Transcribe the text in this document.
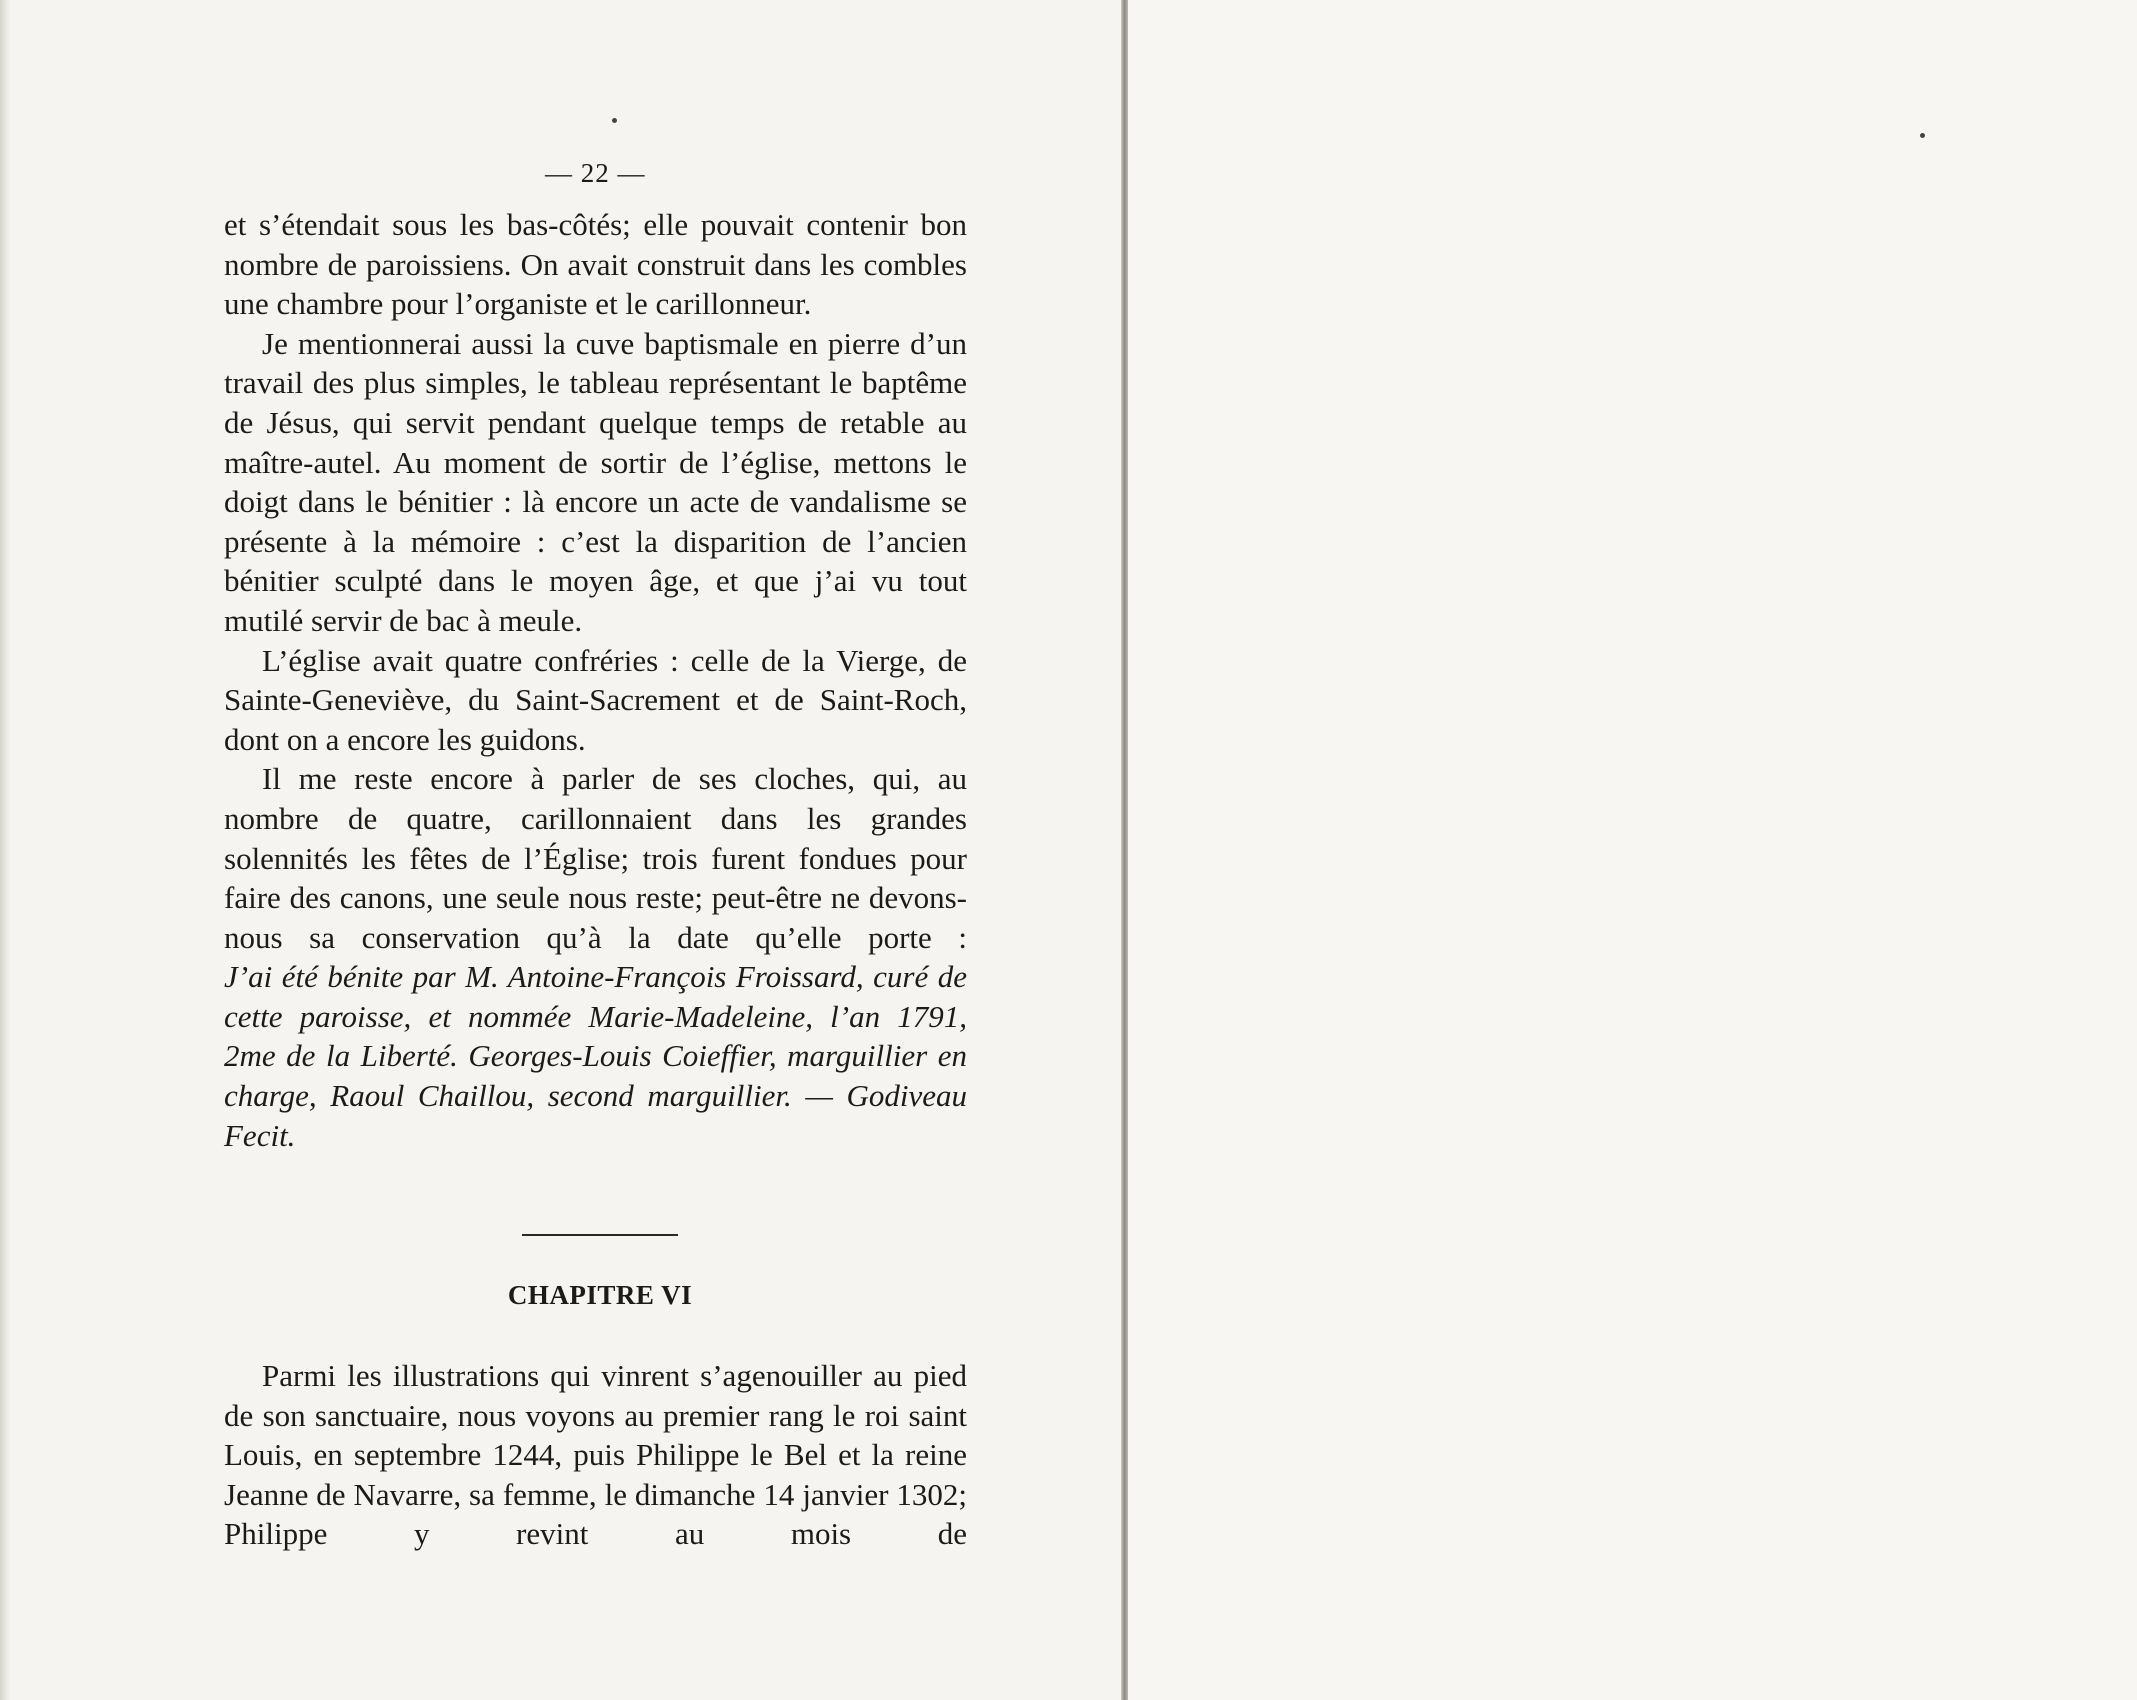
— 22 —

et s’étendait sous les bas-côtés; elle pouvait contenir bon nombre de paroissiens. On avait construit dans les combles une chambre pour l’organiste et le carillonneur.

Je mentionnerai aussi la cuve baptismale en pierre d’un travail des plus simples, le tableau représentant le baptême de Jésus, qui servit pendant quelque temps de retable au maître-autel. Au moment de sortir de l’église, mettons le doigt dans le bénitier : là encore un acte de vandalisme se présente à la mémoire : c’est la disparition de l’ancien bénitier sculpté dans le moyen âge, et que j’ai vu tout mutilé servir de bac à meule.

L’église avait quatre confréries : celle de la Vierge, de Sainte-Geneviève, du Saint-Sacrement et de Saint-Roch, dont on a encore les guidons.

Il me reste encore à parler de ses cloches, qui, au nombre de quatre, carillonnaient dans les grandes solennités les fêtes de l’Église; trois furent fondues pour faire des canons, une seule nous reste; peut-être ne devons-nous sa conservation qu’à la date qu’elle porte :

J’ai été bénite par M. Antoine-François Froissard, curé de cette paroisse, et nommée Marie-Madeleine, l’an 1791, 2me de la Liberté. Georges-Louis Coieffier, marguillier en charge, Raoul Chaillou, second marguillier. — Godiveau Fecit.

CHAPITRE VI

Parmi les illustrations qui vinrent s’agenouiller au pied de son sanctuaire, nous voyons au premier rang le roi saint Louis, en septembre 1244, puis Philippe le Bel et la reine Jeanne de Navarre, sa femme, le dimanche 14 janvier 1302; Philippe y revint au mois de
